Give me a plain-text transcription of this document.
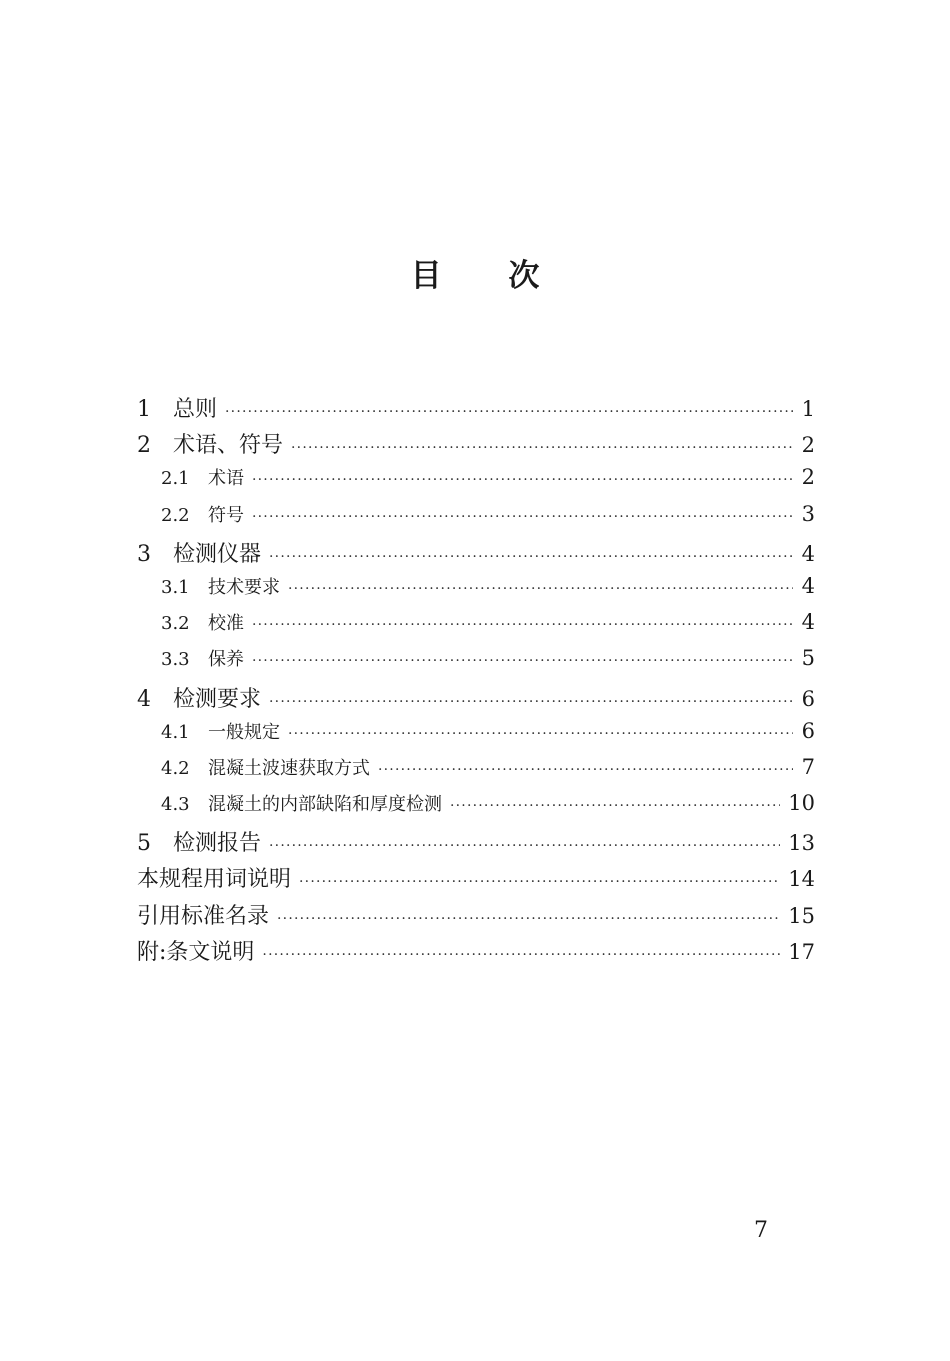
目 次
1	总则 ·····	1
2	术语、符号 ·····	2
2.1	术语 ·····	2
2.2	符号 ·····	3
3	检测仪器 ·····	4
3.1	技术要求 ·····	4
3.2	校准 ·····	4
3.3	保养 ·····	5
4	检测要求 ·····	6
4.1	一般规定 ·····	6
4.2	混凝土波速获取方式 ·····	7
4.3	混凝土的内部缺陷和厚度检测 ·····	10
5	检测报告 ·····	13
本规程用词说明 ·····	14
引用标准名录 ·····	15
附:条文说明 ·····	17
7
